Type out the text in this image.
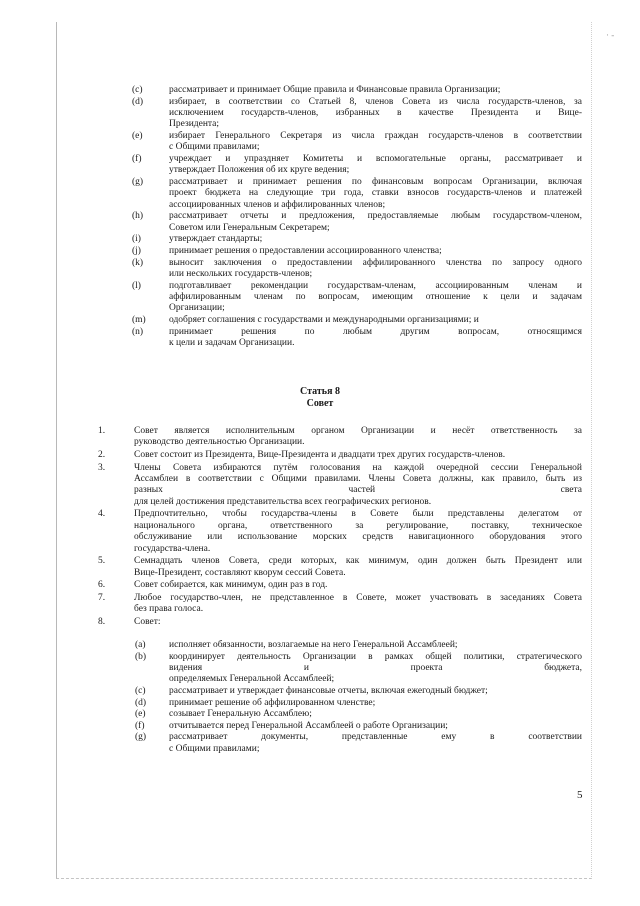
· -
(c)	рассматривает и принимает Общие правила и Финансовые правила Организации;
(d)	избирает, в соответствии со Статьей 8, членов Совета из числа государств-членов, за
исключением государств-членов, избранных в качестве Президента и Вице-
Президента;
(e)	избирает Генерального Секретаря из числа граждан государств-членов в соответствии
с Общими правилами;
(f)	учреждает и упраздняет Комитеты и вспомогательные органы, рассматривает и
утверждает Положения об их круге ведения;
(g)	рассматривает и принимает решения по финансовым вопросам Организации, включая
проект бюджета на следующие три года, ставки взносов государств-членов и платежей
ассоциированных членов и аффилированных членов;
(h)	рассматривает отчеты и предложения, предоставляемые любым государством-членом,
Советом или Генеральным Секретарем;
(i)	утверждает стандарты;
(j)	принимает решения о предоставлении ассоциированного членства;
(k)	выносит заключения о предоставлении аффилированного членства по запросу одного
или нескольких государств-членов;
(l)	подготавливает рекомендации государствам-членам, ассоциированным членам и
аффилированным членам по вопросам, имеющим отношение к цели и задачам
Организации;
(m) одобряет соглашения с государствами и международными организациями; и
(n)	принимает решения по любым другим вопросам, относящимся
к цели и задачам Организации.
1.	Совет является исполнительным органом Организации и несёт ответственность за
руководство деятельностью Организации.
2.	Совет состоит из Президента, Вице-Президента и двадцати трех других государств-членов.
3.	Члены Совета избираются путём голосования на каждой очередной сессии Генеральной
Ассамблеи в соответствии с Общими правилами. Члены Совета должны, как правило, быть из
разных частей света
для целей достижения представительства всех географических регионов.
4.	Предпочтительно, чтобы государства-члены в Совете были представлены делегатом от
национального органа, ответственного за регулирование, поставку, техническое
обслуживание или использование морских средств навигационного оборудования этого
государства-члена.
5.	Семнадцать членов Совета, среди которых, как минимум, один должен быть Президент или
Вице-Президент, составляют кворум сессий Совета.
6.	Совет собирается, как минимум, один раз в год.
7.	Любое государство-член, не представленное в Совете, может участвовать в заседаниях Совета
без права голоса.
8.	Совет:
(a) исполняет обязанности, возлагаемые на него Генеральной Ассамблеей;
(b) координирует деятельность Организации в рамках общей политики, стратегического
видения и проекта бюджета,
определяемых Генеральной Ассамблеей;
(c) рассматривает и утверждает финансовые отчеты, включая ежегодный бюджет;
(d) принимает решение об аффилированном членстве;
(e) созывает Генеральную Ассамблею;
(f)	отчитывается перед Генеральной Ассамблеей о работе Организации;
(g) рассматривает документы, представленные ему в соответствии
с Общими правилами;
Статья 8
Совет
5
